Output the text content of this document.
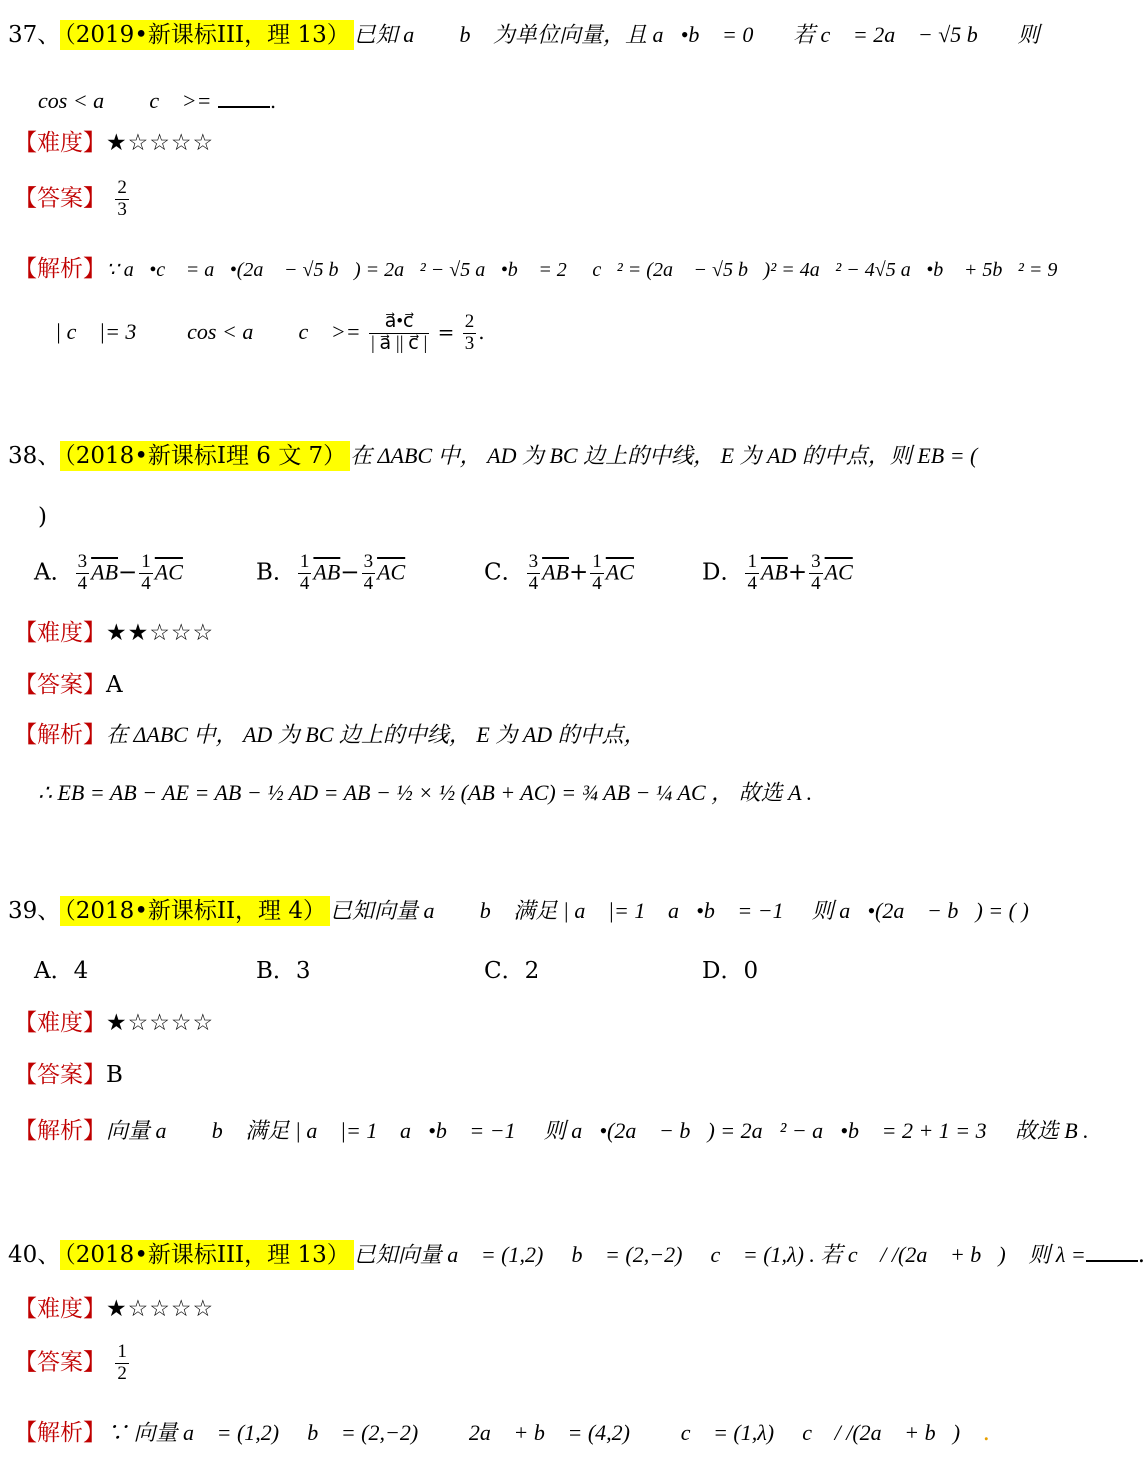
37、 （2019•新课标III，理 13） 已知 a⃗ ， b⃗ 为单位向量，且 a⃗•b⃗ = 0⃗ ，若 c⃗ = 2a⃗ − √5 b⃗ ，则
cos < a⃗ ， c⃗ >=	.
【难度】★☆☆☆☆
【答案】 $\frac{2}{3}$
【解析】∵ a⃗•c⃗ = a⃗•(2a⃗ − √5 b⃗) = 2a⃗² − √5 a⃗•b⃗ = 2 ， c⃗² = (2a⃗ − √5 b⃗)² = 4a⃗² − 4√5 a⃗•b⃗ + 5b⃗² = 9 ，
∴| c⃗ |= 3 ， ∴ cos < a⃗ ， c⃗ >= $\frac{a⃗•c⃗}{| a⃗ || c⃗ |} = \frac{2}{3}$ .
38、 （2018•新课标I理 6 文 7） 在 ΔABC 中， AD 为 BC 边上的中线， E 为 AD 的中点，则 EB = (
)
A． $\frac{3}{4} \overline{AB}- \frac{1}{4} \overline{AC}$	B． $\frac{1}{4} \overline{AB}- \frac{3}{4} \overline{AC}$	C． $\frac{3}{4} \overline{AB}+ \frac{1}{4} \overline{AC}$	D． $\frac{1}{4} \overline{AB}+ \frac{3}{4} \overline{AC}$
【难度】★★☆☆☆
【答案】A
【解析】在 ΔABC 中， AD 为 BC 边上的中线， E 为 AD 的中点，
∴ EB = AB − AE = AB − ½ AD = AB − ½ × ½ (AB + AC) = ¾ AB − ¼ AC ， 故选 A .
39、 （2018•新课标II，理 4） 已知向量 a⃗ ， b⃗ 满足 | a⃗ |= 1， a⃗•b⃗ = −1 ， 则 a⃗•(2a⃗ − b⃗) = ( )
A．4	B．3	C．2	D．0
【难度】★☆☆☆☆
【答案】B
【解析】向量 a⃗ ， b⃗ 满足 | a⃗ |= 1， a⃗•b⃗ = −1 ， 则 a⃗•(2a⃗ − b⃗) = 2a⃗² − a⃗•b⃗ = 2 + 1 = 3 ， 故选 B .
40、 （2018•新课标III，理 13） 已知向量 a⃗ = (1,2) ， b⃗ = (2,−2) ， c⃗ = (1,λ) . 若 c⃗ / /(2a⃗ + b⃗) ，则 λ = .
【难度】★☆☆☆☆
【答案】 $\frac{1}{2}$
【解析】∵ 向量 a⃗ = (1,2) ， b⃗ = (2,−2) ， ∴ 2a⃗ + b⃗ = (4,2) ， ∵ c⃗ = (1,λ) ， c⃗ / /(2a⃗ + b⃗) ，.
